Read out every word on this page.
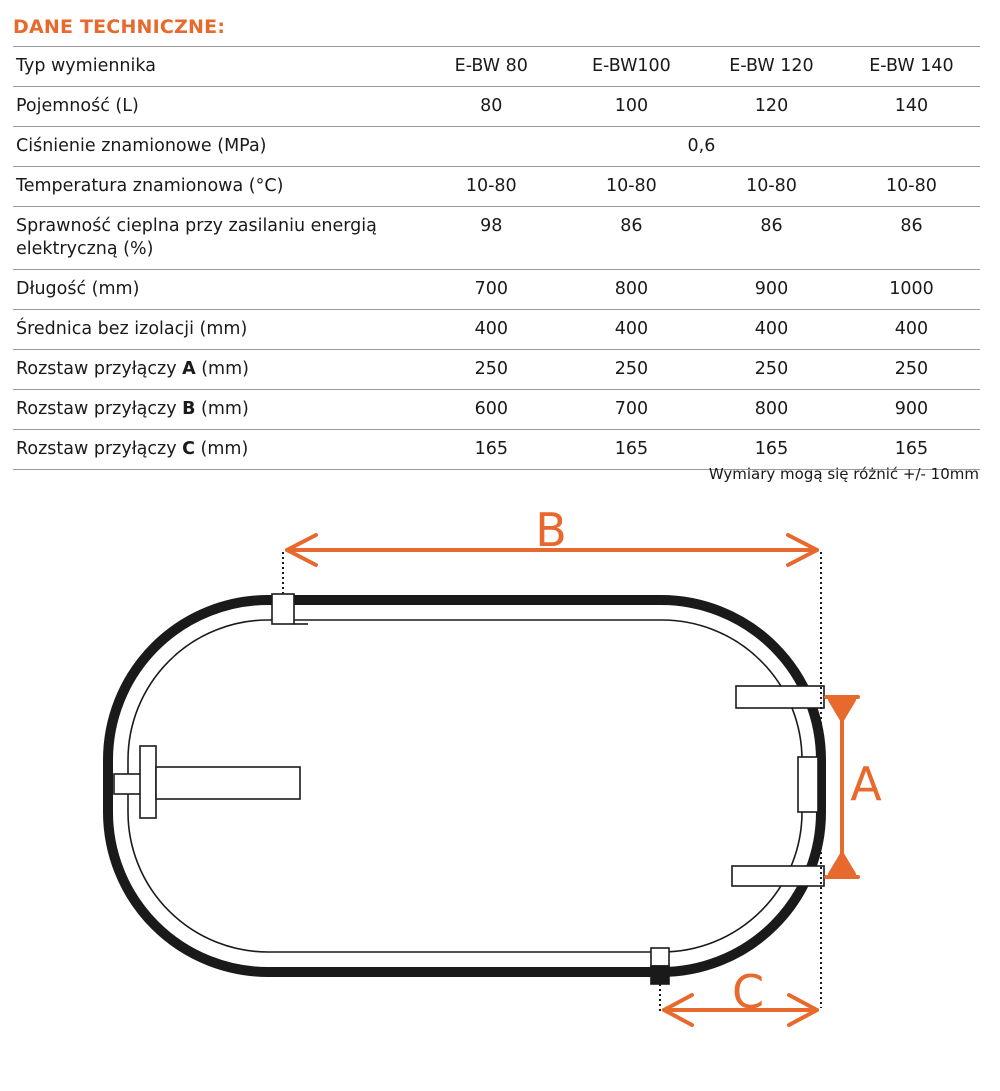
DANE TECHNICZNE:
Typ wymiennika	E-BW 80	E-BW100	E-BW 120	E-BW 140
Pojemność (L)	80	100	120	140
Ciśnienie znamionowe (MPa)	0,6			
Temperatura znamionowa (°C)	10-80	10-80	10-80	10-80
Sprawność cieplna przy zasilaniu energią elektryczną (%)	98	86	86	86
Długość (mm)	700	800	900	1000
Średnica bez izolacji (mm)	400	400	400	400
Rozstaw przyłączy A (mm)	250	250	250	250
Rozstaw przyłączy B (mm)	600	700	800	900
Rozstaw przyłączy C (mm)	165	165	165	165
Wymiary mogą się różnić +/- 10mm
B
A
C
